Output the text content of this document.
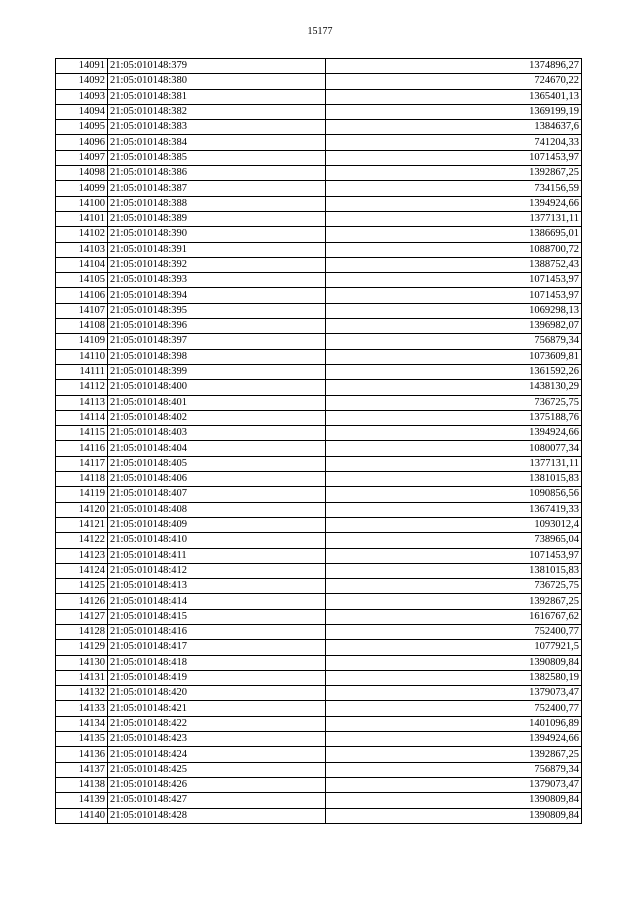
15177
14091	21:05:010148:379	1374896,27
14092	21:05:010148:380	724670,22
14093	21:05:010148:381	1365401,13
14094	21:05:010148:382	1369199,19
14095	21:05:010148:383	1384637,6
14096	21:05:010148:384	741204,33
14097	21:05:010148:385	1071453,97
14098	21:05:010148:386	1392867,25
14099	21:05:010148:387	734156,59
14100	21:05:010148:388	1394924,66
14101	21:05:010148:389	1377131,11
14102	21:05:010148:390	1386695,01
14103	21:05:010148:391	1088700,72
14104	21:05:010148:392	1388752,43
14105	21:05:010148:393	1071453,97
14106	21:05:010148:394	1071453,97
14107	21:05:010148:395	1069298,13
14108	21:05:010148:396	1396982,07
14109	21:05:010148:397	756879,34
14110	21:05:010148:398	1073609,81
14111	21:05:010148:399	1361592,26
14112	21:05:010148:400	1438130,29
14113	21:05:010148:401	736725,75
14114	21:05:010148:402	1375188,76
14115	21:05:010148:403	1394924,66
14116	21:05:010148:404	1080077,34
14117	21:05:010148:405	1377131,11
14118	21:05:010148:406	1381015,83
14119	21:05:010148:407	1090856,56
14120	21:05:010148:408	1367419,33
14121	21:05:010148:409	1093012,4
14122	21:05:010148:410	738965,04
14123	21:05:010148:411	1071453,97
14124	21:05:010148:412	1381015,83
14125	21:05:010148:413	736725,75
14126	21:05:010148:414	1392867,25
14127	21:05:010148:415	1616767,62
14128	21:05:010148:416	752400,77
14129	21:05:010148:417	1077921,5
14130	21:05:010148:418	1390809,84
14131	21:05:010148:419	1382580,19
14132	21:05:010148:420	1379073,47
14133	21:05:010148:421	752400,77
14134	21:05:010148:422	1401096,89
14135	21:05:010148:423	1394924,66
14136	21:05:010148:424	1392867,25
14137	21:05:010148:425	756879,34
14138	21:05:010148:426	1379073,47
14139	21:05:010148:427	1390809,84
14140	21:05:010148:428	1390809,84
